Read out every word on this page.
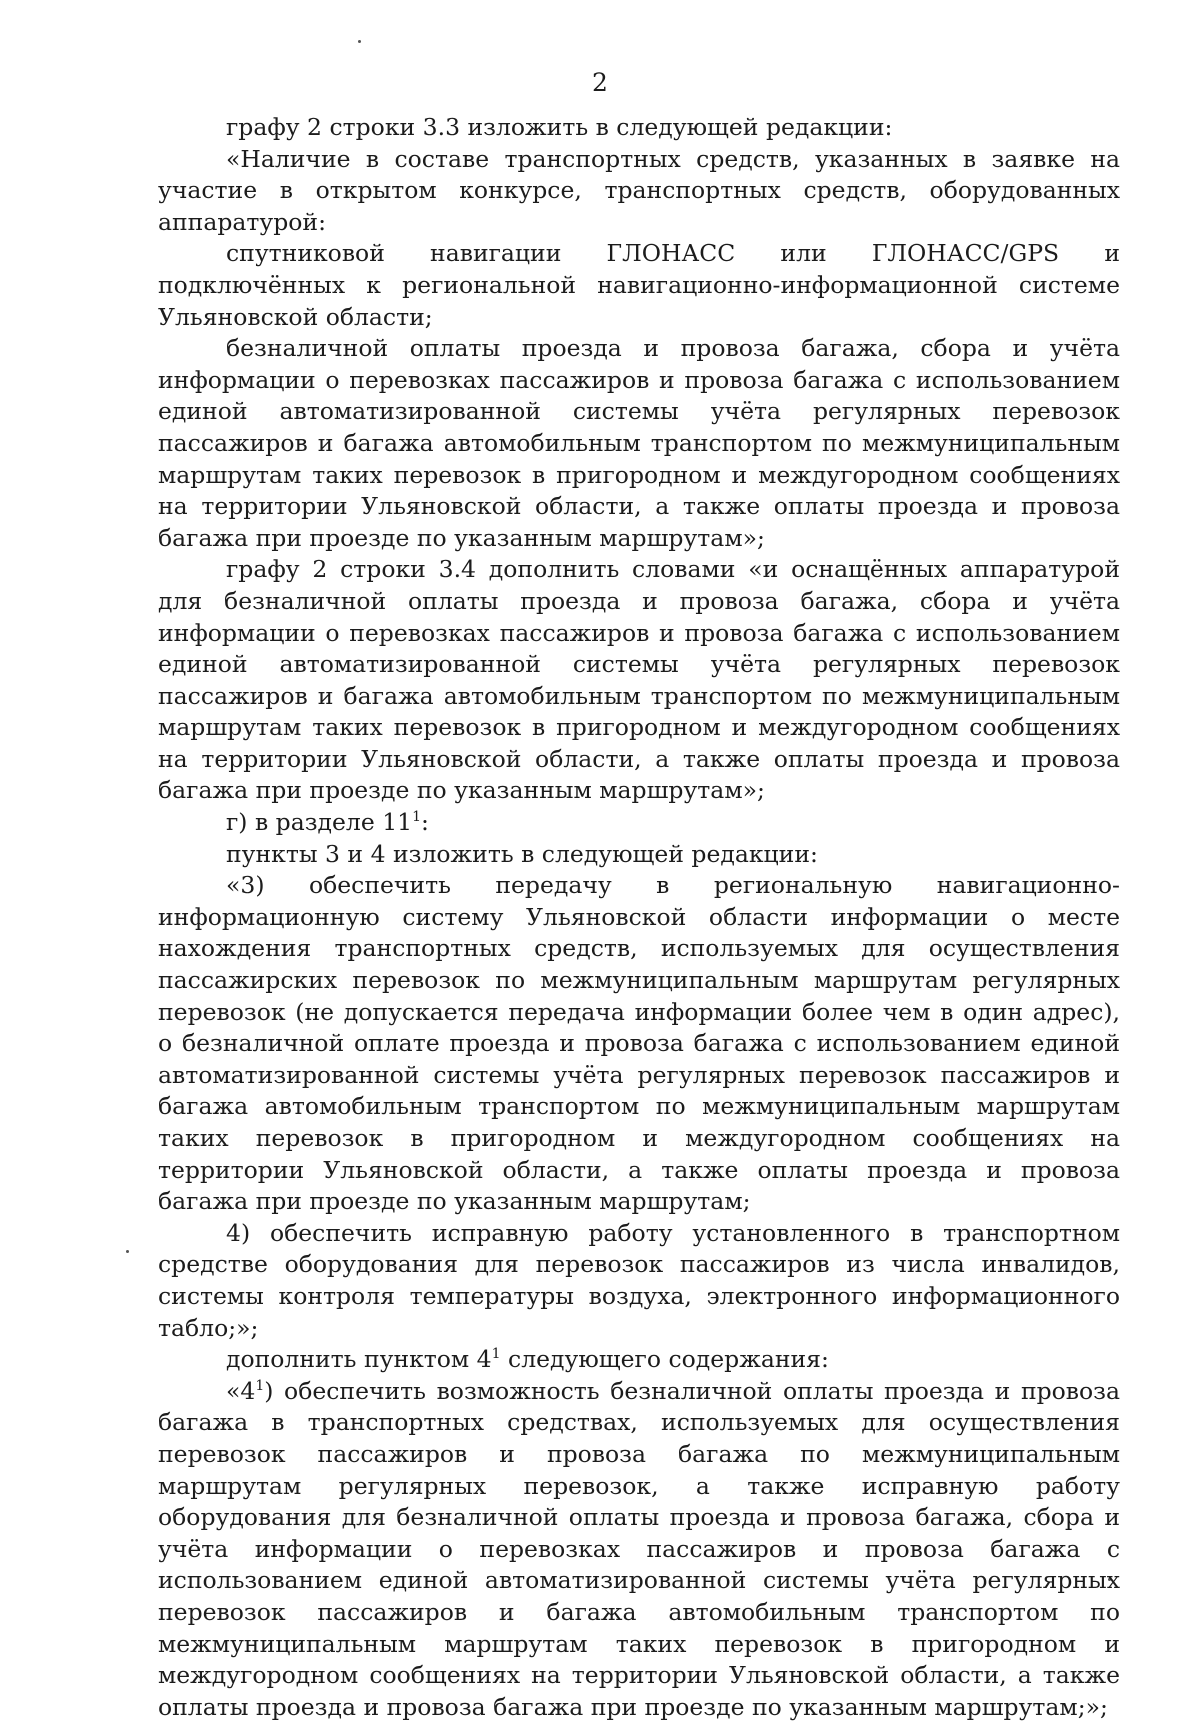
2

графу 2 строки 3.3 изложить в следующей редакции:

«Наличие в составе транспортных средств, указанных в заявке на участие в открытом конкурсе, транспортных средств, оборудованных аппаратурой:

спутниковой навигации ГЛОНАСС или ГЛОНАСС/GPS и подключённых к региональной навигационно-информационной системе Ульяновской области;

безналичной оплаты проезда и провоза багажа, сбора и учёта информации о перевозках пассажиров и провоза багажа с использованием единой автоматизированной системы учёта регулярных перевозок пассажиров и багажа автомобильным транспортом по межмуниципальным маршрутам таких перевозок в пригородном и междугородном сообщениях на территории Ульяновской области, а также оплаты проезда и провоза багажа при проезде по указанным маршрутам»;

графу 2 строки 3.4 дополнить словами «и оснащённых аппаратурой для безналичной оплаты проезда и провоза багажа, сбора и учёта информации о перевозках пассажиров и провоза багажа с использованием единой автоматизированной системы учёта регулярных перевозок пассажиров и багажа автомобильным транспортом по межмуниципальным маршрутам таких перевозок в пригородном и междугородном сообщениях на территории Ульяновской области, а также оплаты проезда и провоза багажа при проезде по указанным маршрутам»;

г) в разделе $11^1$:

пункты 3 и 4 изложить в следующей редакции:

«3) обеспечить передачу в региональную навигационно-информационную систему Ульяновской области информации о месте нахождения транспортных средств, используемых для осуществления пассажирских перевозок по межмуниципальным маршрутам регулярных перевозок (не допускается передача информации более чем в один адрес), о безналичной оплате проезда и провоза багажа с использованием единой автоматизированной системы учёта регулярных перевозок пассажиров и багажа автомобильным транспортом по межмуниципальным маршрутам таких перевозок в пригородном и междугородном сообщениях на территории Ульяновской области, а также оплаты проезда и провоза багажа при проезде по указанным маршрутам;

4) обеспечить исправную работу установленного в транспортном средстве оборудования для перевозок пассажиров из числа инвалидов, системы контроля температуры воздуха, электронного информационного табло;»;

дополнить пунктом $4^1$ следующего содержания:

«$4^1$) обеспечить возможность безналичной оплаты проезда и провоза багажа в транспортных средствах, используемых для осуществления перевозок пассажиров и провоза багажа по межмуниципальным маршрутам регулярных перевозок, а также исправную работу оборудования для безналичной оплаты проезда и провоза багажа, сбора и учёта информации о перевозках пассажиров и провоза багажа с использованием единой автоматизированной системы учёта регулярных перевозок пассажиров и багажа автомобильным транспортом по межмуниципальным маршрутам таких перевозок в пригородном и междугородном сообщениях на территории Ульяновской области, а также оплаты проезда и провоза багажа при проезде по указанным маршрутам;»;
